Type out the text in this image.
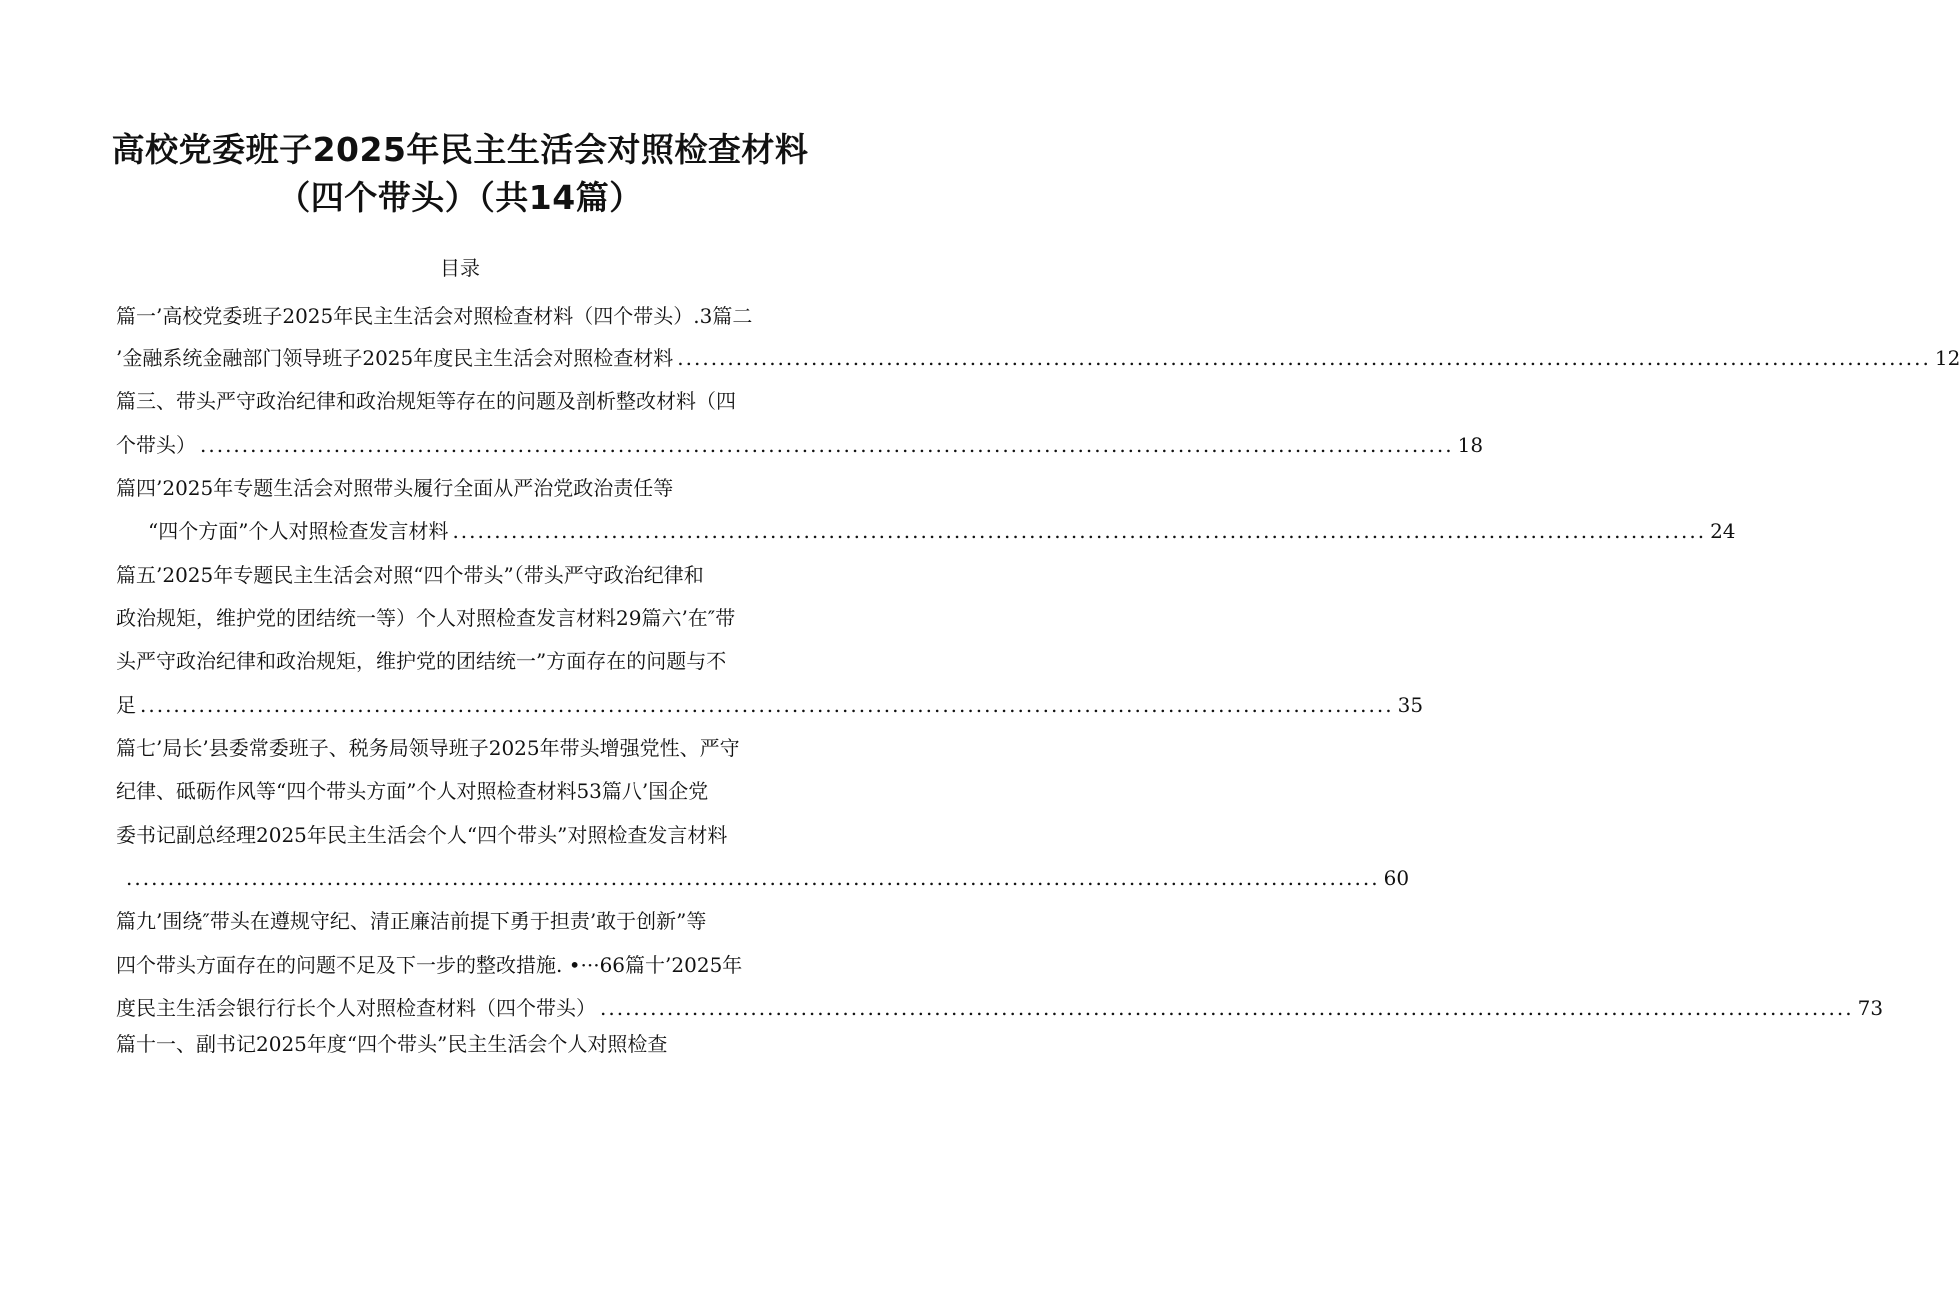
高校党委班子2025年民主生活会对照检查材料
（四个带头）（共14篇）
目录
篇一’高校党委班子2025年民主生活会对照检查材料（四个带头）.3篇二
’金融系统金融部门领导班子2025年度民主生活会对照检查材料 ...................................................................................................................................................... 12
篇三、带头严守政治纪律和政治规矩等存在的问题及剖析整改材料（四
个带头） ...................................................................................................................................................... 18
篇四’2025年专题生活会对照带头履行全面从严治党政治责任等
“四个方面”个人对照检查发言材料 ...................................................................................................................................................... 24
篇五’2025年专题民主生活会对照“四个带头”（带头严守政治纪律和
政治规矩，维护党的团结统一等）个人对照检查发言材料29篇六’在″带
头严守政治纪律和政治规矩，维护党的团结统一”方面存在的问题与不
足 ...................................................................................................................................................... 35
篇七’局长’县委常委班子、税务局领导班子2025年带头增强党性、严守
纪律、砥砺作风等“四个带头方面”个人对照检查材料53篇八’国企党
委书记副总经理2025年民主生活会个人“四个带头”对照检查发言材料
...................................................................................................................................................... 60
篇九’围绕″带头在遵规守纪、清正廉洁前提下勇于担责’敢于创新”等
四个带头方面存在的问题不足及下一步的整改措施. •···66篇十’2025年
度民主生活会银行行长个人对照检查材料（四个带头） ...................................................................................................................................................... 73
篇十一、副书记2025年度“四个带头”民主生活会个人对照检查
